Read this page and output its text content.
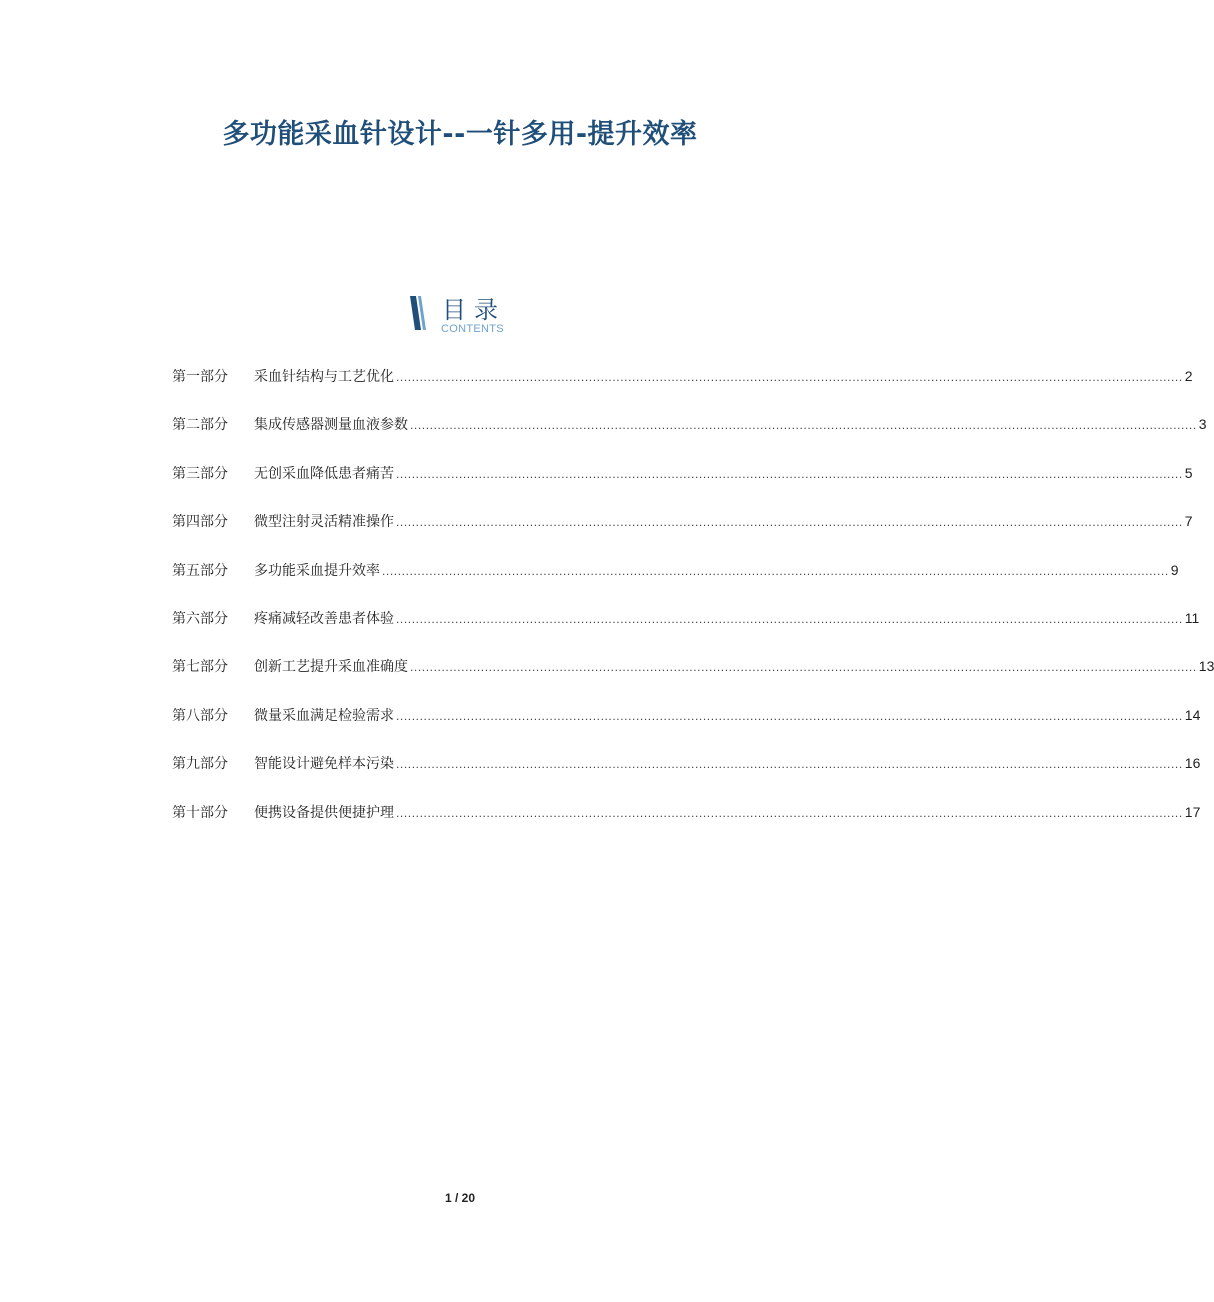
多功能采血针设计--一针多用-提升效率
目录
CONTENTS
第一部分	采血针结构与工艺优化 ........................................................................................................................................................................................................ 2
第二部分	集成传感器测量血液参数 ........................................................................................................................................................................................................ 3
第三部分	无创采血降低患者痛苦 ........................................................................................................................................................................................................ 5
第四部分	微型注射灵活精准操作 ........................................................................................................................................................................................................ 7
第五部分	多功能采血提升效率 ........................................................................................................................................................................................................ 9
第六部分	疼痛减轻改善患者体验 ........................................................................................................................................................................................................ 11
第七部分	创新工艺提升采血准确度 ........................................................................................................................................................................................................ 13
第八部分	微量采血满足检验需求 ........................................................................................................................................................................................................ 14
第九部分	智能设计避免样本污染 ........................................................................................................................................................................................................ 16
第十部分	便携设备提供便捷护理 ........................................................................................................................................................................................................ 17
1 / 20
